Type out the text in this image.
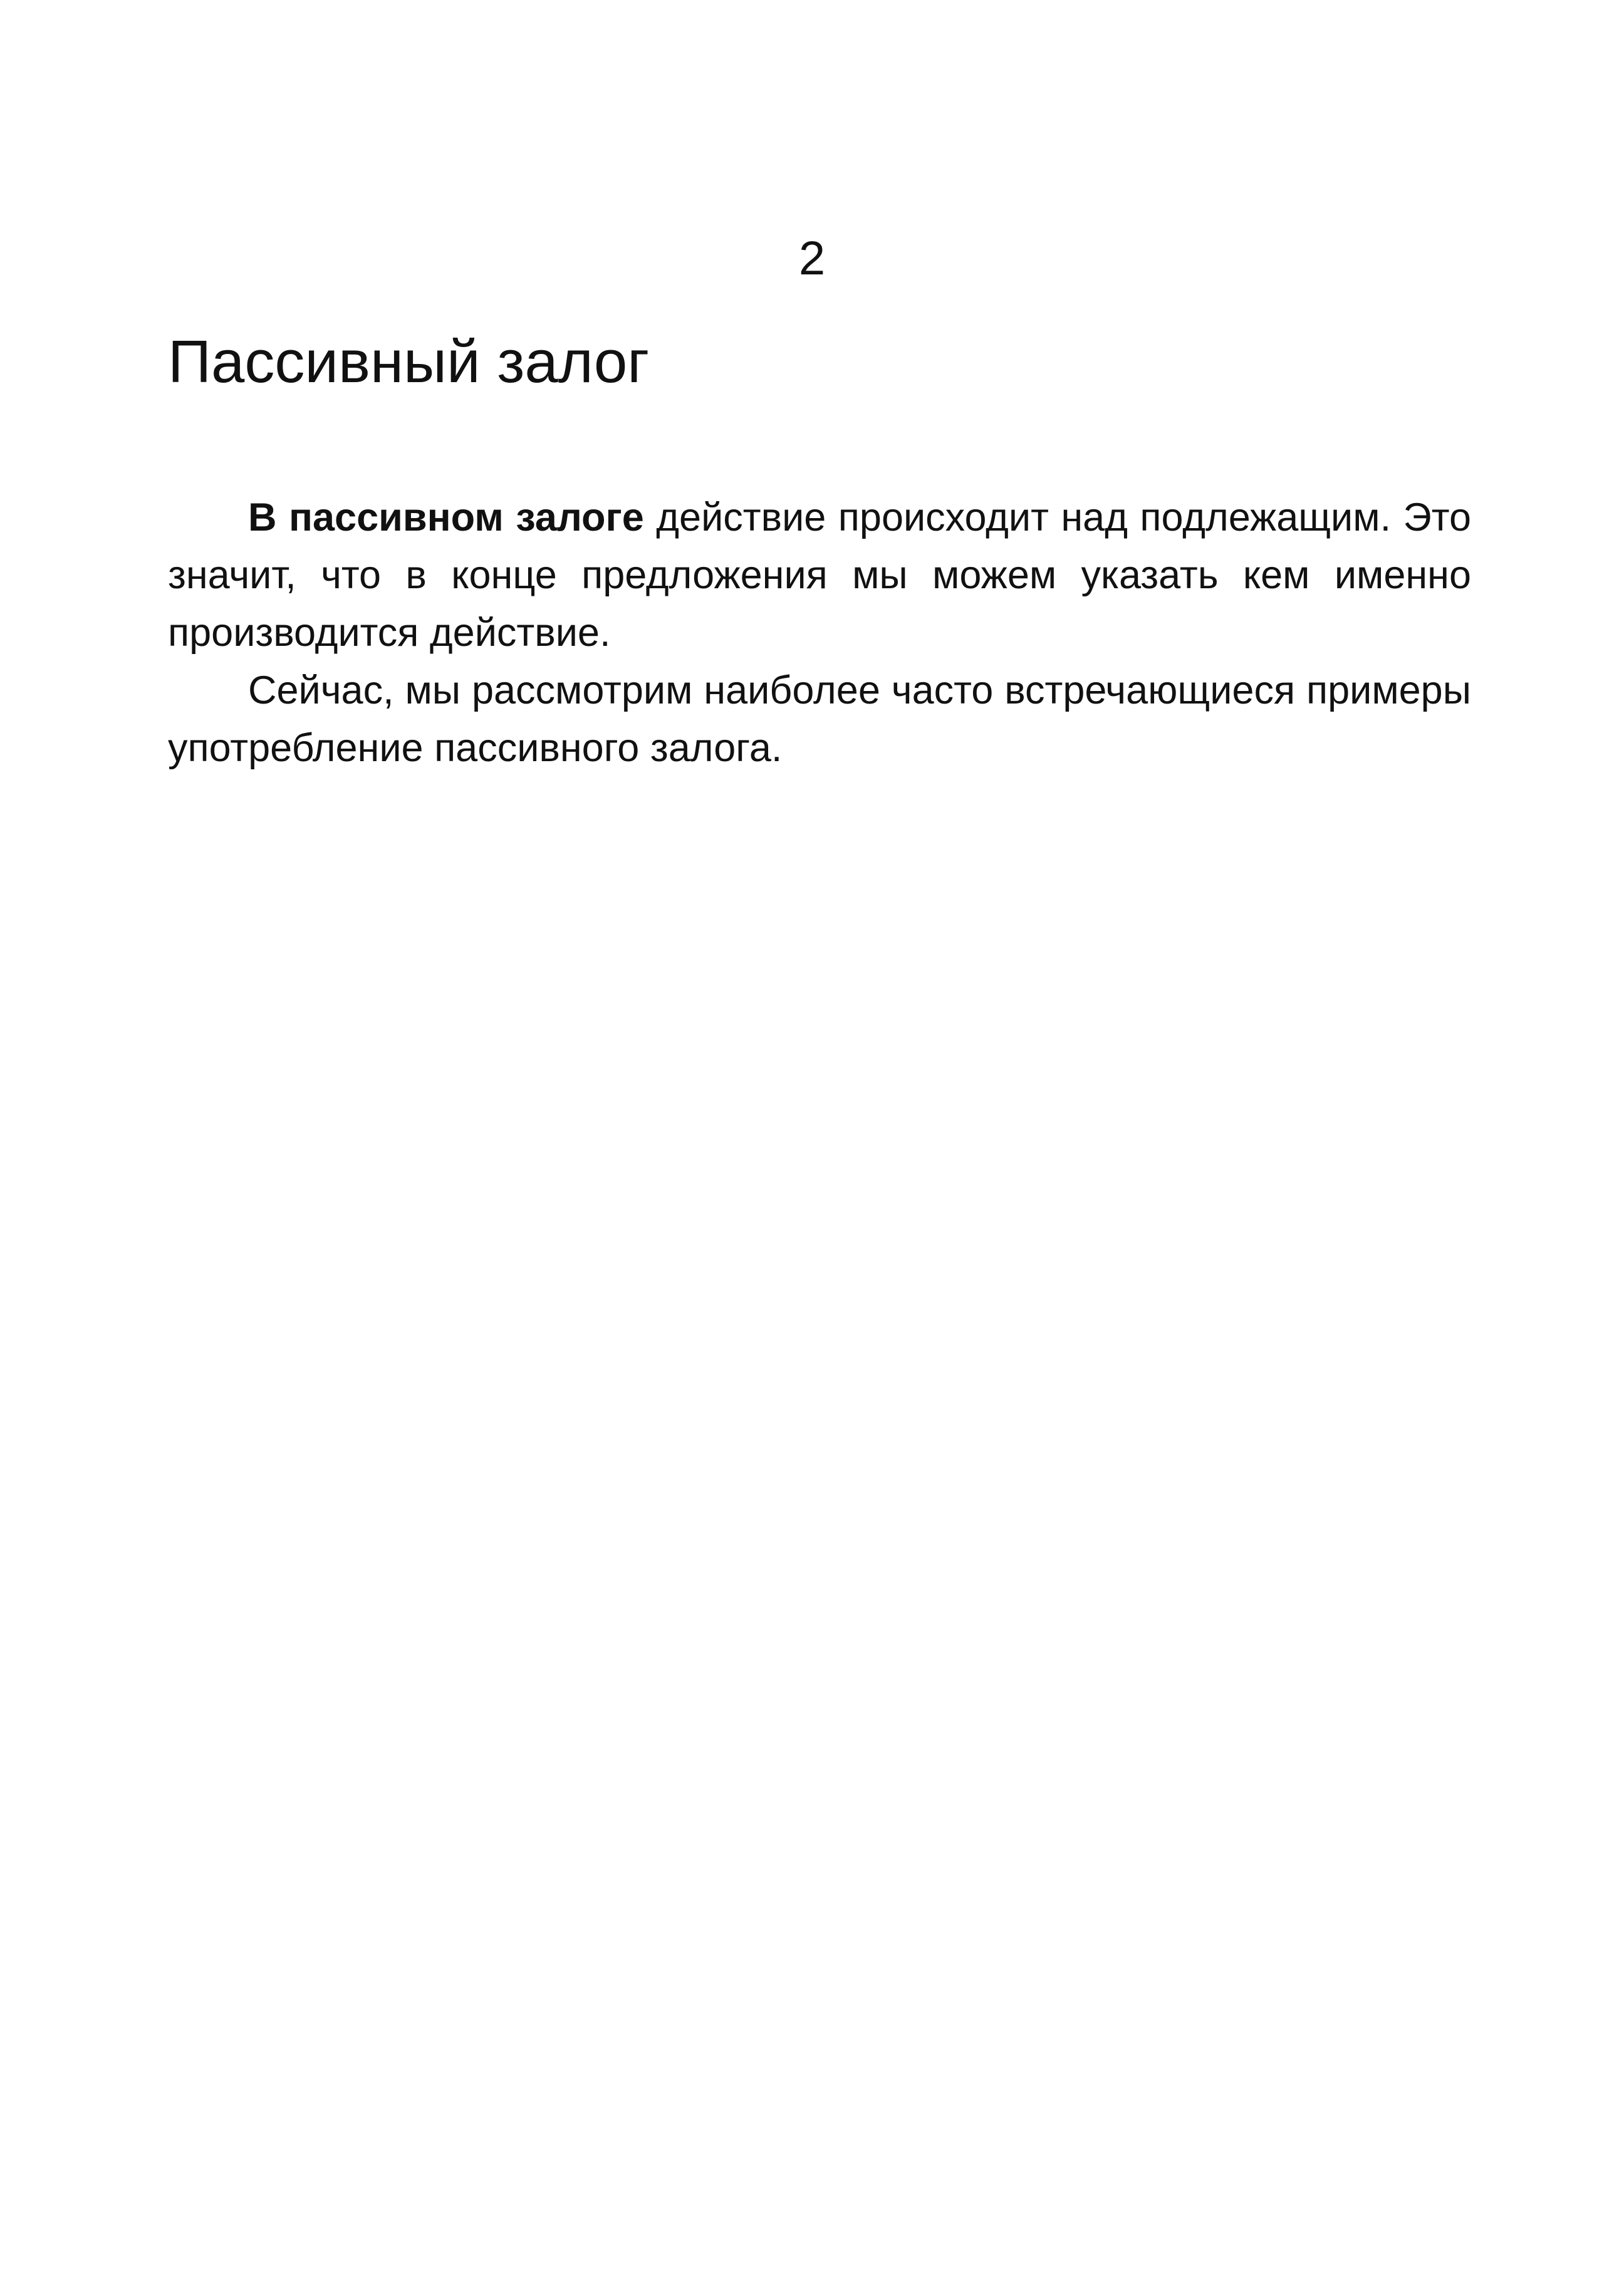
2
Пассивный залог

В пассивном залоге действие происходит над подлежащим. Это значит, что в конце предложения мы можем указать кем именно производится действие.

Сейчас, мы рассмотрим наиболее часто встречающиеся примеры употребление пассивного залога.
